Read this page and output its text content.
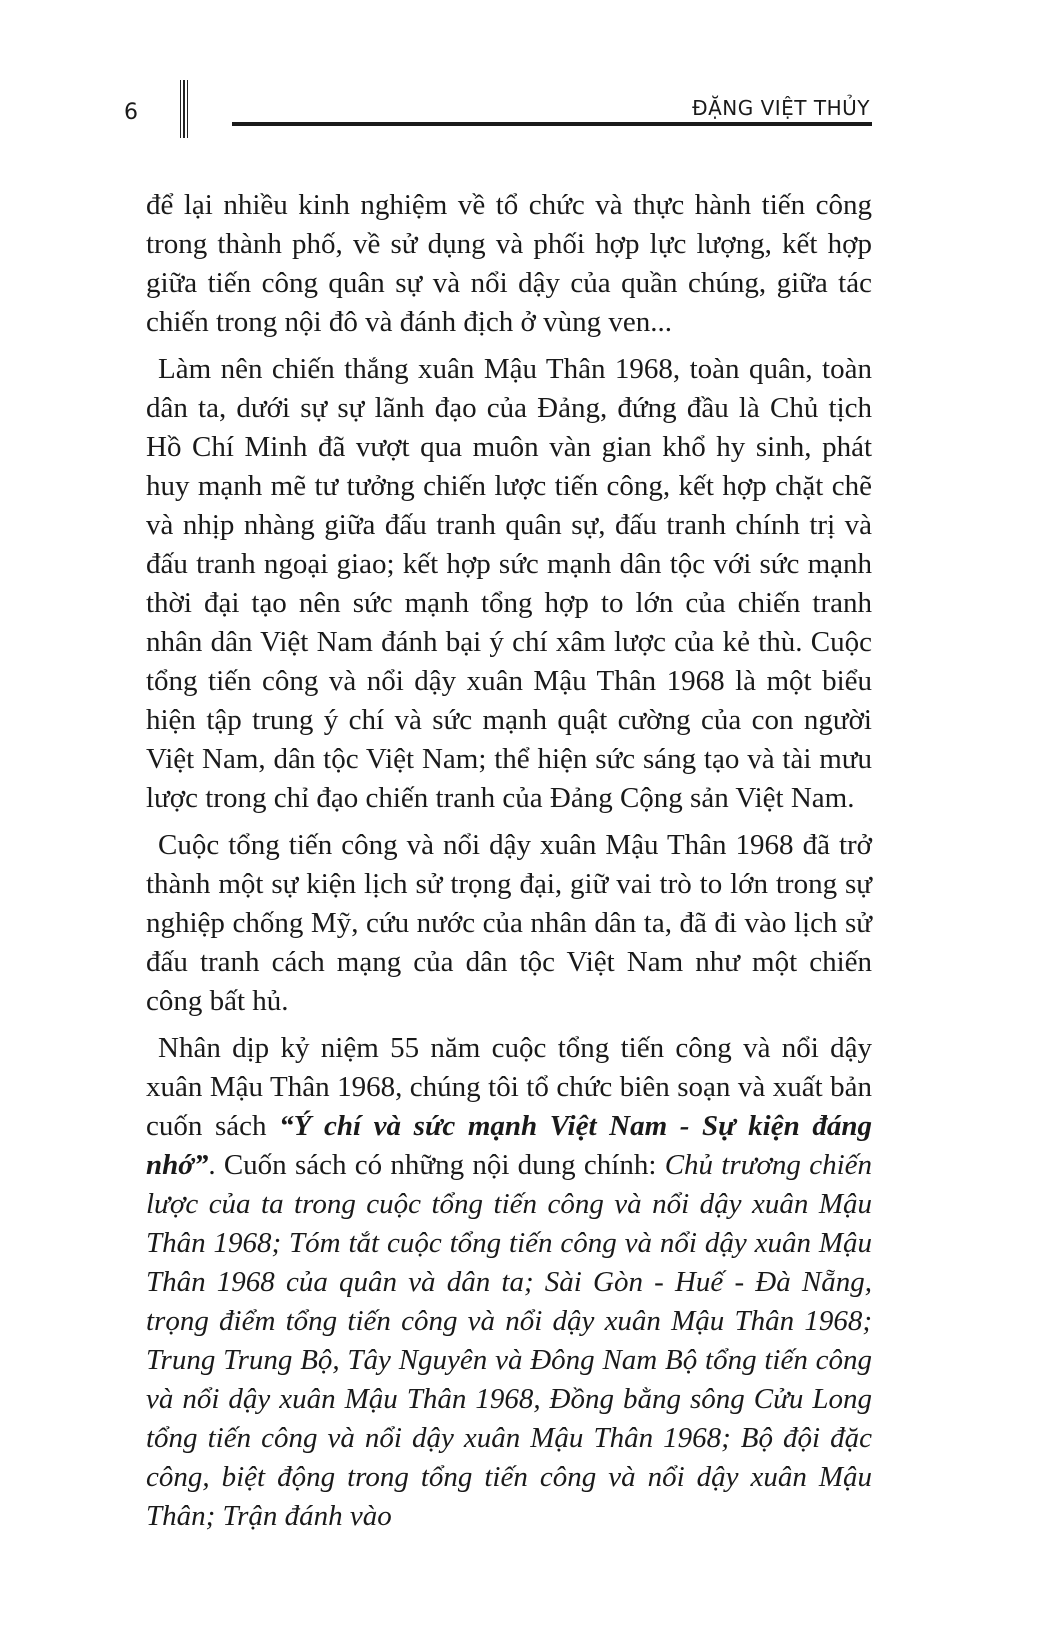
6	ĐẶNG VIỆT THỦY

để lại nhiều kinh nghiệm về tổ chức và thực hành tiến công trong thành phố, về sử dụng và phối hợp lực lượng, kết hợp giữa tiến công quân sự và nổi dậy của quần chúng, giữa tác chiến trong nội đô và đánh địch ở vùng ven...

Làm nên chiến thắng xuân Mậu Thân 1968, toàn quân, toàn dân ta, dưới sự sự lãnh đạo của Đảng, đứng đầu là Chủ tịch Hồ Chí Minh đã vượt qua muôn vàn gian khổ hy sinh, phát huy mạnh mẽ tư tưởng chiến lược tiến công, kết hợp chặt chẽ và nhịp nhàng giữa đấu tranh quân sự, đấu tranh chính trị và đấu tranh ngoại giao; kết hợp sức mạnh dân tộc với sức mạnh thời đại tạo nên sức mạnh tổng hợp to lớn của chiến tranh nhân dân Việt Nam đánh bại ý chí xâm lược của kẻ thù. Cuộc tổng tiến công và nổi dậy xuân Mậu Thân 1968 là một biểu hiện tập trung ý chí và sức mạnh quật cường của con người Việt Nam, dân tộc Việt Nam; thể hiện sức sáng tạo và tài mưu lược trong chỉ đạo chiến tranh của Đảng Cộng sản Việt Nam.

Cuộc tổng tiến công và nổi dậy xuân Mậu Thân 1968 đã trở thành một sự kiện lịch sử trọng đại, giữ vai trò to lớn trong sự nghiệp chống Mỹ, cứu nước của nhân dân ta, đã đi vào lịch sử đấu tranh cách mạng của dân tộc Việt Nam như một chiến công bất hủ.

Nhân dịp kỷ niệm 55 năm cuộc tổng tiến công và nổi dậy xuân Mậu Thân 1968, chúng tôi tổ chức biên soạn và xuất bản cuốn sách “Ý chí và sức mạnh Việt Nam - Sự kiện đáng nhớ”. Cuốn sách có những nội dung chính: Chủ trương chiến lược của ta trong cuộc tổng tiến công và nổi dậy xuân Mậu Thân 1968; Tóm tắt cuộc tổng tiến công và nổi dậy xuân Mậu Thân 1968 của quân và dân ta; Sài Gòn - Huế - Đà Nẵng, trọng điểm tổng tiến công và nổi dậy xuân Mậu Thân 1968; Trung Trung Bộ, Tây Nguyên và Đông Nam Bộ tổng tiến công và nổi dậy xuân Mậu Thân 1968, Đồng bằng sông Cửu Long tổng tiến công và nổi dậy xuân Mậu Thân 1968; Bộ đội đặc công, biệt động trong tổng tiến công và nổi dậy xuân Mậu Thân; Trận đánh vào
